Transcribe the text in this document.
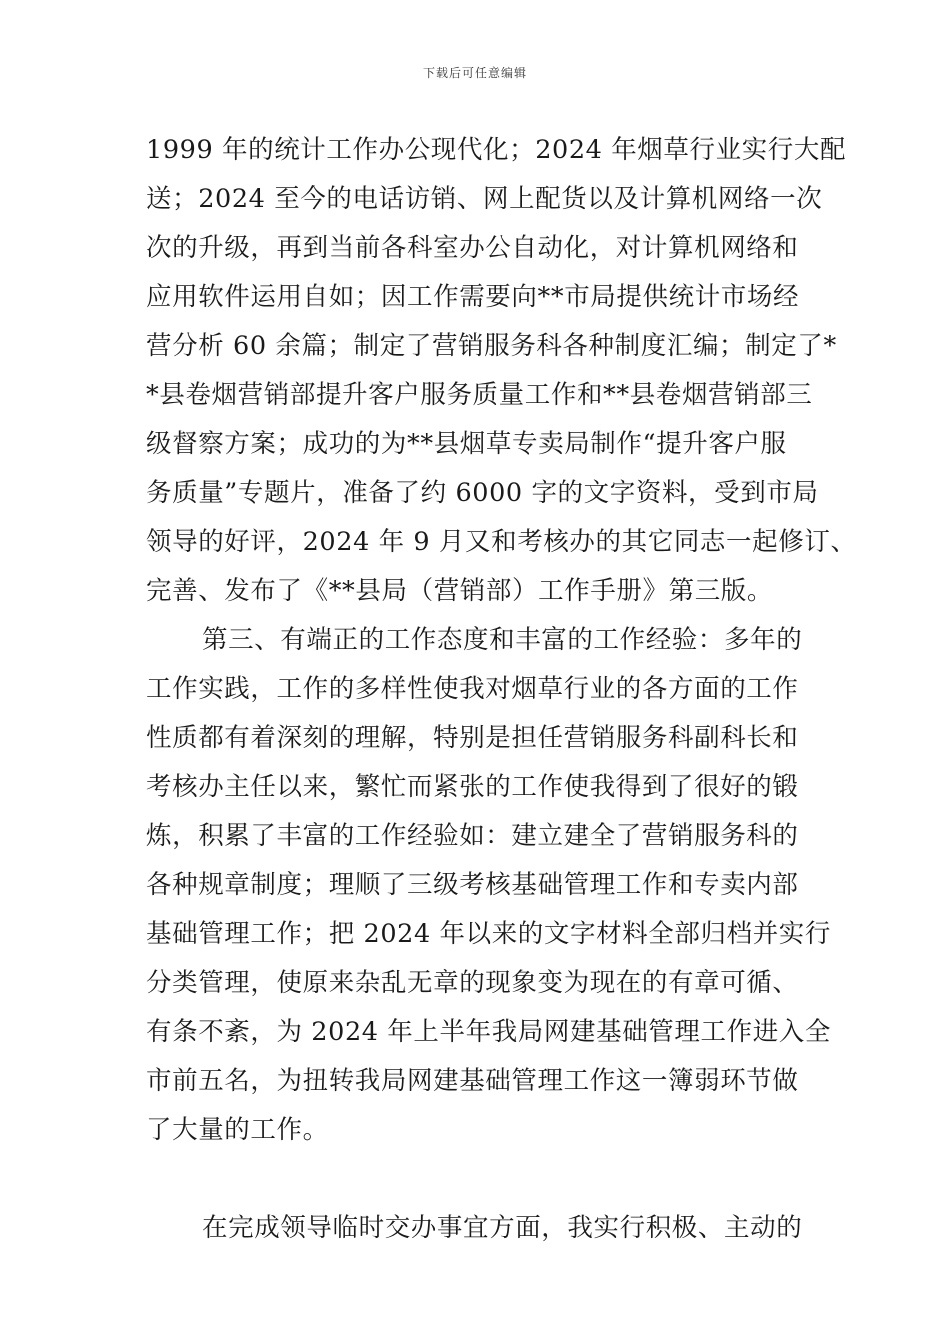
下载后可任意编辑
1999 年的统计工作办公现代化；2024 年烟草行业实行大配
送；2024 至今的电话访销、网上配货以及计算机网络一次
次的升级，再到当前各科室办公自动化，对计算机网络和
应用软件运用自如；因工作需要向**市局提供统计市场经
营分析 60 余篇；制定了营销服务科各种制度汇编；制定了*
*县卷烟营销部提升客户服务质量工作和**县卷烟营销部三
级督察方案；成功的为**县烟草专卖局制作“提升客户服
务质量”专题片，准备了约 6000 字的文字资料，受到市局
领导的好评，2024 年 9 月又和考核办的其它同志一起修订、
完善、发布了《**县局（营销部）工作手册》第三版。
第三、有端正的工作态度和丰富的工作经验：多年的
工作实践，工作的多样性使我对烟草行业的各方面的工作
性质都有着深刻的理解，特别是担任营销服务科副科长和
考核办主任以来，繁忙而紧张的工作使我得到了很好的锻
炼，积累了丰富的工作经验如：建立建全了营销服务科的
各种规章制度；理顺了三级考核基础管理工作和专卖内部
基础管理工作；把 2024 年以来的文字材料全部归档并实行
分类管理，使原来杂乱无章的现象变为现在的有章可循、
有条不紊，为 2024 年上半年我局网建基础管理工作进入全
市前五名，为扭转我局网建基础管理工作这一簿弱环节做
了大量的工作。
在完成领导临时交办事宜方面，我实行积极、主动的
